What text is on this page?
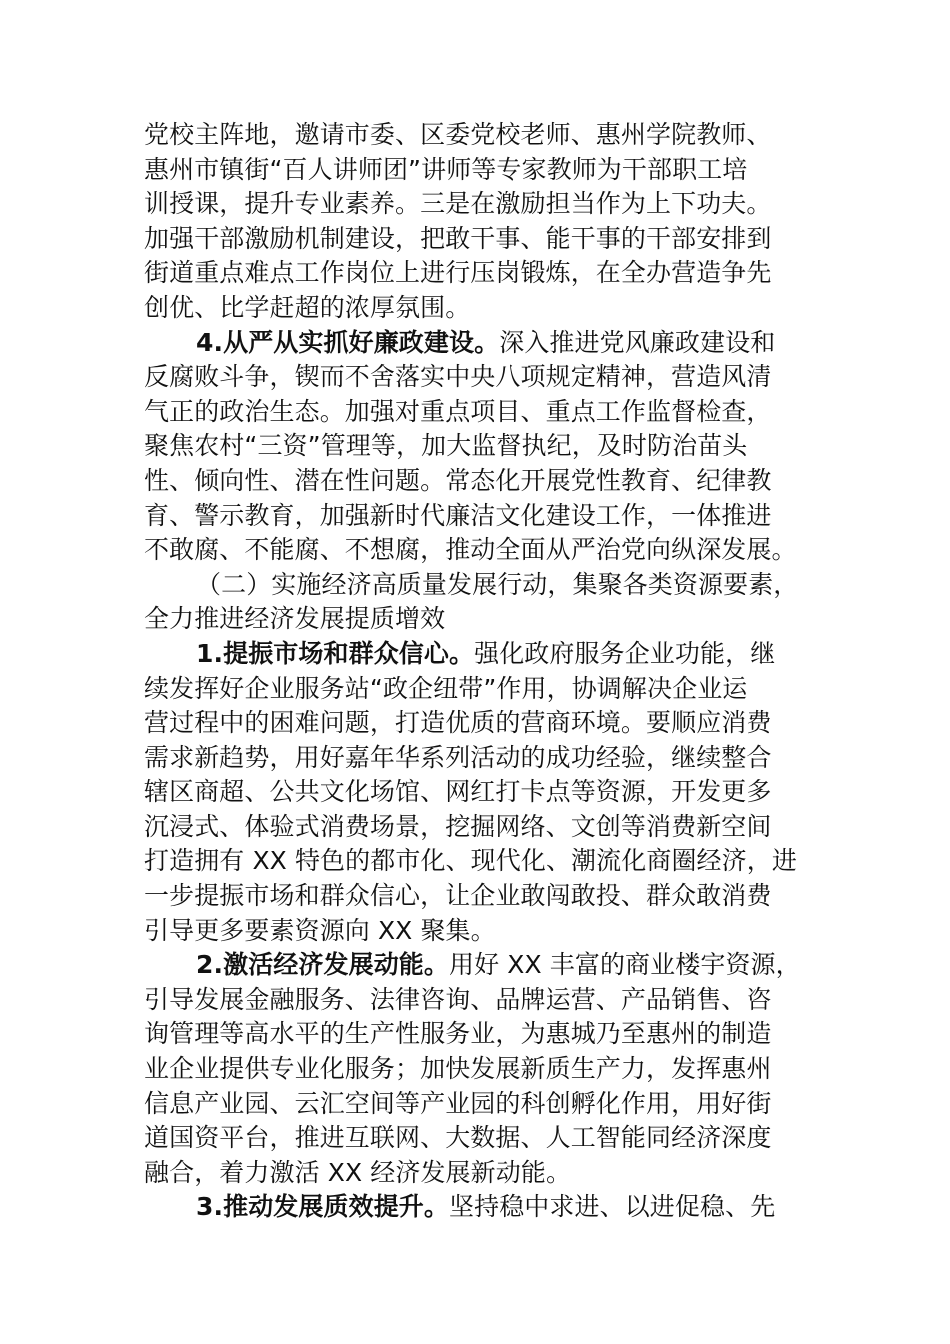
党校主阵地，邀请市委、区委党校老师、惠州学院教师、
惠州市镇街“百人讲师团”讲师等专家教师为干部职工培
训授课，提升专业素养。三是在激励担当作为上下功夫。
加强干部激励机制建设，把敢干事、能干事的干部安排到
街道重点难点工作岗位上进行压岗锻炼，在全办营造争先
创优、比学赶超的浓厚氛围。
4.从严从实抓好廉政建设。深入推进党风廉政建设和
反腐败斗争，锲而不舍落实中央八项规定精神，营造风清
气正的政治生态。加强对重点项目、重点工作监督检查，
聚焦农村“三资”管理等，加大监督执纪，及时防治苗头
性、倾向性、潜在性问题。常态化开展党性教育、纪律教
育、警示教育，加强新时代廉洁文化建设工作，一体推进
不敢腐、不能腐、不想腐，推动全面从严治党向纵深发展。
（二）实施经济高质量发展行动，集聚各类资源要素，
全力推进经济发展提质增效
1.提振市场和群众信心。强化政府服务企业功能，继
续发挥好企业服务站“政企纽带”作用，协调解决企业运
营过程中的困难问题，打造优质的营商环境。要顺应消费
需求新趋势，用好嘉年华系列活动的成功经验，继续整合
辖区商超、公共文化场馆、网红打卡点等资源，开发更多
沉浸式、体验式消费场景，挖掘网络、文创等消费新空间
打造拥有 XX 特色的都市化、现代化、潮流化商圈经济，进
一步提振市场和群众信心，让企业敢闯敢投、群众敢消费
引导更多要素资源向 XX 聚集。
2.激活经济发展动能。用好 XX 丰富的商业楼宇资源，
引导发展金融服务、法律咨询、品牌运营、产品销售、咨
询管理等高水平的生产性服务业，为惠城乃至惠州的制造
业企业提供专业化服务；加快发展新质生产力，发挥惠州
信息产业园、云汇空间等产业园的科创孵化作用，用好街
道国资平台，推进互联网、大数据、人工智能同经济深度
融合，着力激活 XX 经济发展新动能。
3.推动发展质效提升。坚持稳中求进、以进促稳、先
